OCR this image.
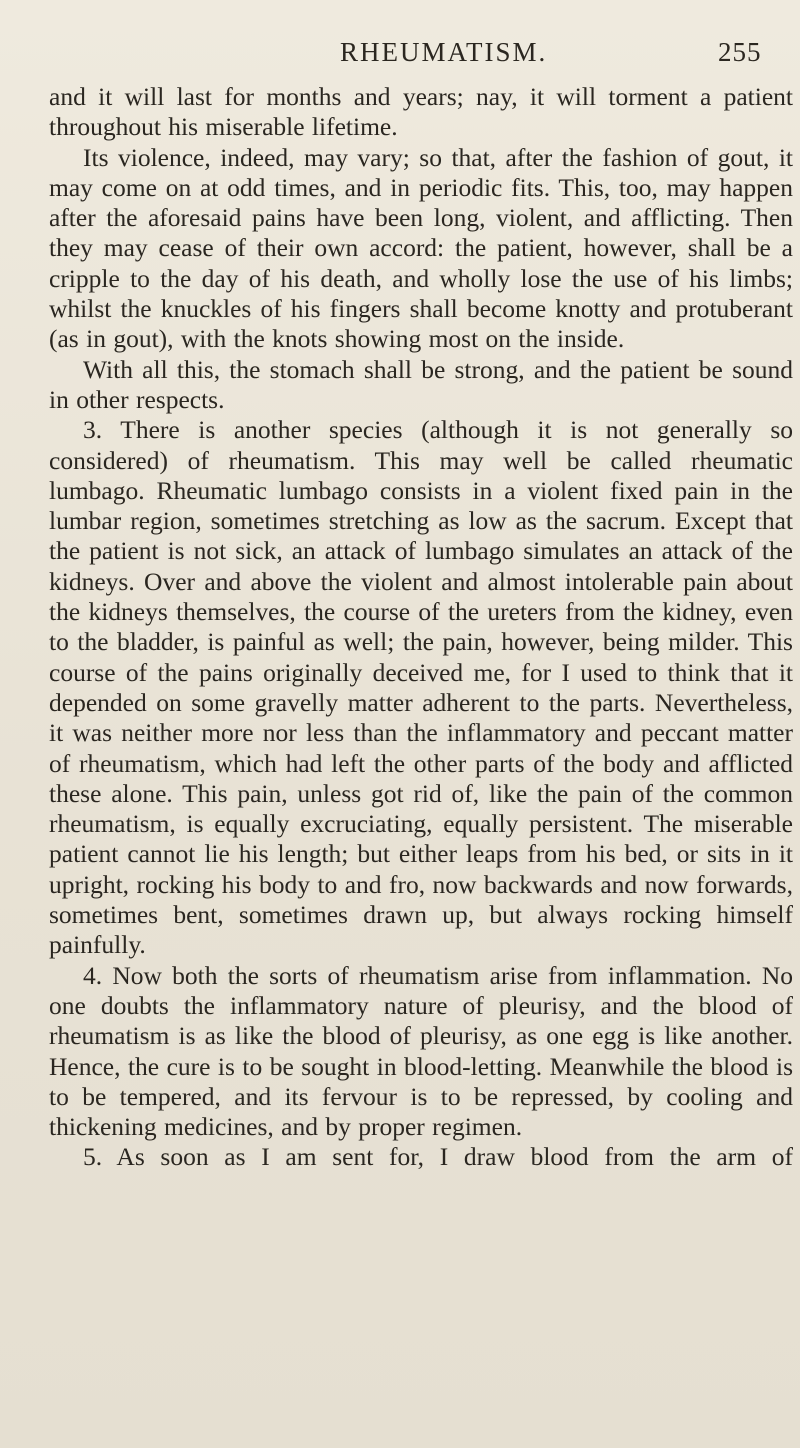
RHEUMATISM.	255

and it will last for months and years; nay, it will torment a patient throughout his miserable lifetime.

Its violence, indeed, may vary; so that, after the fashion of gout, it may come on at odd times, and in periodic fits. This, too, may happen after the aforesaid pains have been long, violent, and afflicting. Then they may cease of their own accord: the patient, however, shall be a cripple to the day of his death, and wholly lose the use of his limbs; whilst the knuckles of his fingers shall become knotty and protuberant (as in gout), with the knots showing most on the inside.

With all this, the stomach shall be strong, and the patient be sound in other respects.

3. There is another species (although it is not generally so considered) of rheumatism. This may well be called rheumatic lumbago. Rheumatic lumbago consists in a violent fixed pain in the lumbar region, sometimes stretching as low as the sacrum. Except that the patient is not sick, an attack of lumbago simulates an attack of the kidneys. Over and above the violent and almost intolerable pain about the kidneys themselves, the course of the ureters from the kidney, even to the bladder, is painful as well; the pain, however, being milder. This course of the pains originally deceived me, for I used to think that it depended on some gravelly matter adherent to the parts. Nevertheless, it was neither more nor less than the inflammatory and peccant matter of rheumatism, which had left the other parts of the body and afflicted these alone. This pain, unless got rid of, like the pain of the common rheumatism, is equally excruciating, equally persistent. The miserable patient cannot lie his length; but either leaps from his bed, or sits in it upright, rocking his body to and fro, now backwards and now forwards, sometimes bent, sometimes drawn up, but always rocking himself painfully.

4. Now both the sorts of rheumatism arise from inflammation. No one doubts the inflammatory nature of pleurisy, and the blood of rheumatism is as like the blood of pleurisy, as one egg is like another. Hence, the cure is to be sought in blood-letting. Meanwhile the blood is to be tempered, and its fervour is to be repressed, by cooling and thickening medicines, and by proper regimen.

5. As soon as I am sent for, I draw blood from the arm of
